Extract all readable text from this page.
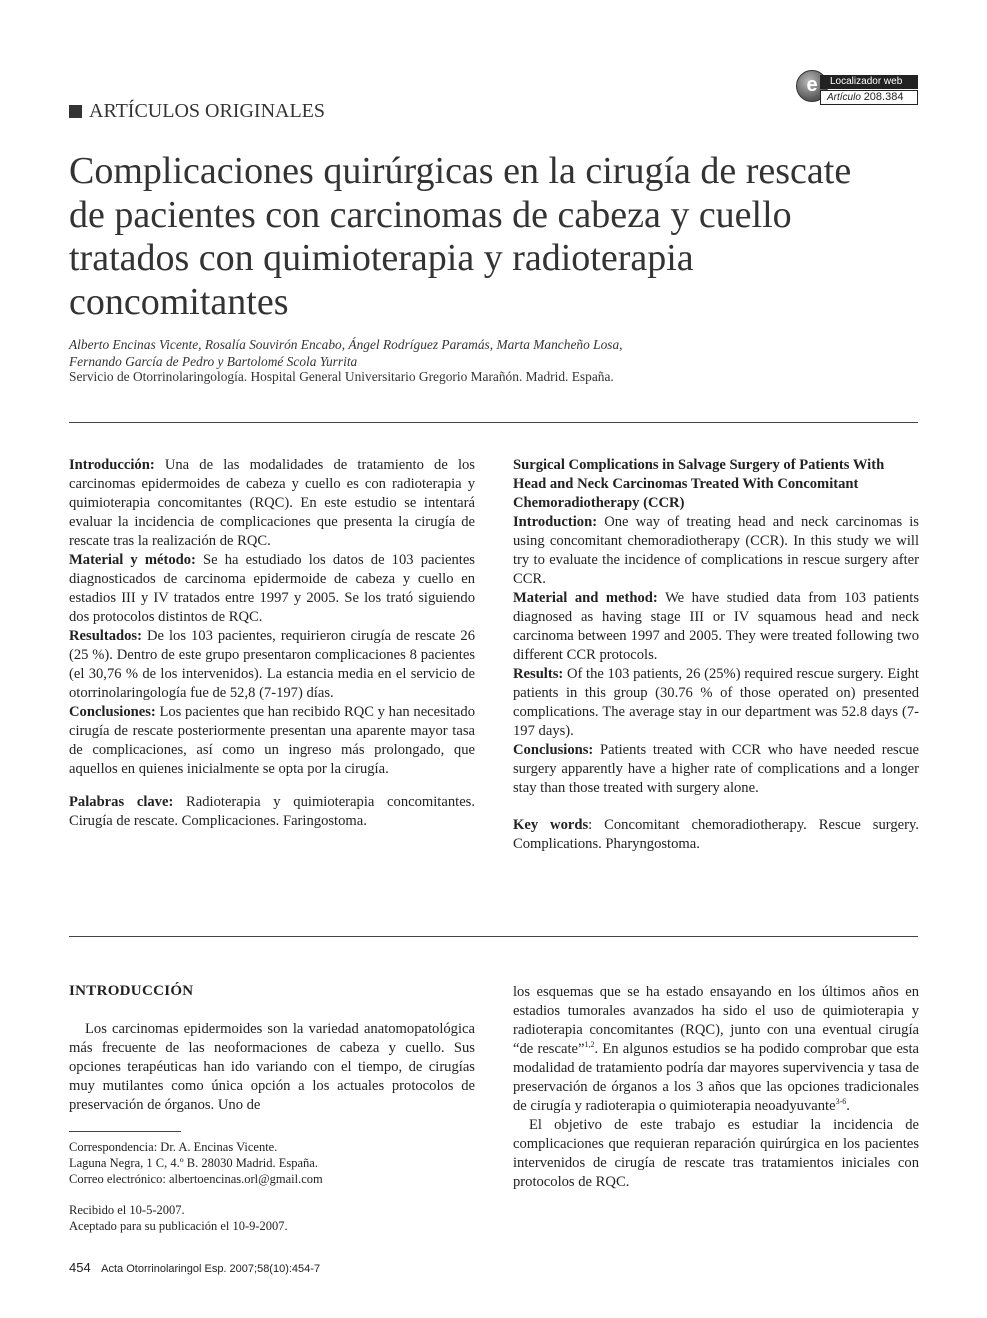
e	Localizador web
Artículo 208.384
ARTÍCULOS ORIGINALES
Complicaciones quirúrgicas en la cirugía de rescate de pacientes con carcinomas de cabeza y cuello tratados con quimioterapia y radioterapia concomitantes
Alberto Encinas Vicente, Rosalía Souvirón Encabo, Ángel Rodríguez Paramás, Marta Mancheño Losa,
Fernando García de Pedro y Bartolomé Scola Yurrita
Servicio de Otorrinolaringología. Hospital General Universitario Gregorio Marañón. Madrid. España.

Introducción: Una de las modalidades de tratamiento de los carcinomas epidermoides de cabeza y cuello es con radioterapia y quimioterapia concomitantes (RQC). En este estudio se intentará evaluar la incidencia de complicaciones que presenta la cirugía de rescate tras la realización de RQC.

Material y método: Se ha estudiado los datos de 103 pacientes diagnosticados de carcinoma epidermoide de cabeza y cuello en estadios III y IV tratados entre 1997 y 2005. Se los trató siguiendo dos protocolos distintos de RQC.

Resultados: De los 103 pacientes, requirieron cirugía de rescate 26 (25 %). Dentro de este grupo presentaron complicaciones 8 pacientes (el 30,76 % de los intervenidos). La estancia media en el servicio de otorrinolaringología fue de 52,8 (7-197) días.

Conclusiones: Los pacientes que han recibido RQC y han necesitado cirugía de rescate posteriormente presentan una aparente mayor tasa de complicaciones, así como un ingreso más prolongado, que aquellos en quienes inicialmente se opta por la cirugía.

Palabras clave: Radioterapia y quimioterapia concomitantes. Cirugía de rescate. Complicaciones. Faringostoma.

Surgical Complications in Salvage Surgery of Patients With Head and Neck Carcinomas Treated With Concomitant Chemoradiotherapy (CCR)

Introduction: One way of treating head and neck carcinomas is using concomitant chemoradiotherapy (CCR). In this study we will try to evaluate the incidence of complications in rescue surgery after CCR.

Material and method: We have studied data from 103 patients diagnosed as having stage III or IV squamous head and neck carcinoma between 1997 and 2005. They were treated following two different CCR protocols.

Results: Of the 103 patients, 26 (25%) required rescue surgery. Eight patients in this group (30.76 % of those operated on) presented complications. The average stay in our department was 52.8 days (7-197 days).

Conclusions: Patients treated with CCR who have needed rescue surgery apparently have a higher rate of complications and a longer stay than those treated with surgery alone.

Key words: Concomitant chemoradiotherapy. Rescue surgery. Complications. Pharyngostoma.

INTRODUCCIÓN

Los carcinomas epidermoides son la variedad anatomopatológica más frecuente de las neoformaciones de cabeza y cuello. Sus opciones terapéuticas han ido variando con el tiempo, de cirugías muy mutilantes como única opción a los actuales protocolos de preservación de órganos. Uno de

los esquemas que se ha estado ensayando en los últimos años en estadios tumorales avanzados ha sido el uso de quimioterapia y radioterapia concomitantes (RQC), junto con una eventual cirugía “de rescate”$^{1,2}$. En algunos estudios se ha podido comprobar que esta modalidad de tratamiento podría dar mayores supervivencia y tasa de preservación de órganos a los 3 años que las opciones tradicionales de cirugía y radioterapia o quimioterapia neoadyuvante$^{3-6}$.

El objetivo de este trabajo es estudiar la incidencia de complicaciones que requieran reparación quirúrgica en los pacientes intervenidos de cirugía de rescate tras tratamientos iniciales con protocolos de RQC.

Correspondencia: Dr. A. Encinas Vicente.
Laguna Negra, 1 C, 4.º B. 28030 Madrid. España.
Correo electrónico: albertoencinas.orl@gmail.com
Recibido el 10-5-2007.
Aceptado para su publicación el 10-9-2007.
454 Acta Otorrinolaringol Esp. 2007;58(10):454-7
